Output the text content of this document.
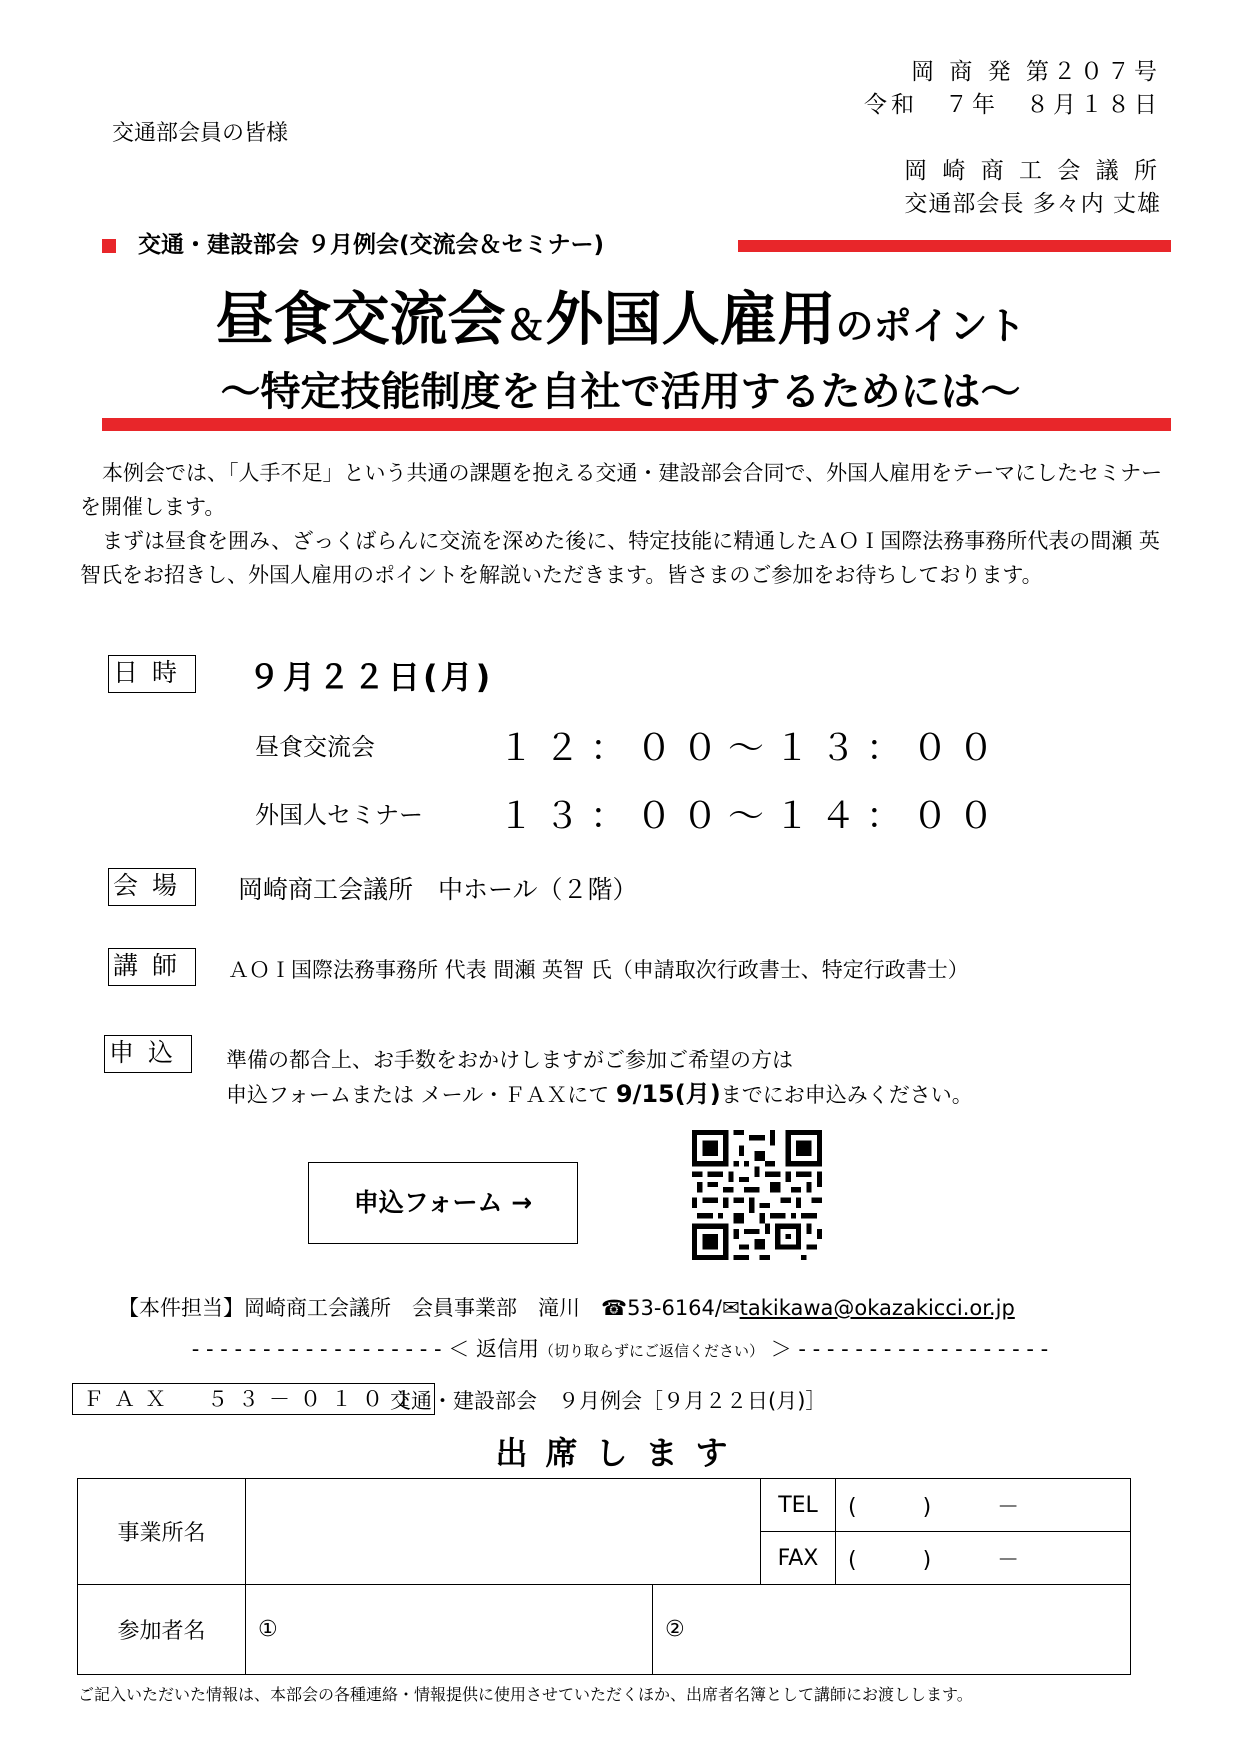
岡 商 発 第２０７号
令和　７年　８月１８日
岡 崎 商 工 会 議 所
交通部会長 多々内 丈雄
交通部会員の皆様
交通・建設部会 ９月例会(交流会＆セミナー)
昼食交流会＆外国人雇用のポイント
～特定技能制度を自社で活用するためには～

本例会では、「人手不足」という共通の課題を抱える交通・建設部会合同で、外国人雇用をテーマにしたセミナーを開催します。

まずは昼食を囲み、ざっくばらんに交流を深めた後に、特定技能に精通したＡＯＩ国際法務事務所代表の間瀬 英智氏をお招きし、外国人雇用のポイントを解説いただきます。皆さまのご参加をお待ちしております。

日時 ９月２２日(月)
昼食交流会	１２：００～１３：００
外国人セミナー １３：００～１４：００
会場 岡崎商工会議所　中ホール（２階）
講師 ＡＯＩ国際法務事務所 代表 間瀬 英智 氏（申請取次行政書士、特定行政書士）
申込 準備の都合上、お手数をおかけしますがご参加ご希望の方は
申込フォームまたは メール・ＦＡＸにて 9/15(月)までにお申込みください。
申込フォーム →
【本件担当】岡崎商工会議所　会員事業部　滝川　☎53-6164/✉takikawa@okazakicci.or.jp
- - - - - - - - - - - - - - - - - - ＜ 返信用（切り取らずにご返信ください） ＞ - - - - - - - - - - - - - - - - - -
ＦＡＸ　５３－０１０１
交通・建設部会　９月例会［９月２２日(月)］
出席します
事業所名			TEL	(　　　)　　　－
			FAX	(　　　)　　　－
参加者名	①	②		
ご記入いただいた情報は、本部会の各種連絡・情報提供に使用させていただくほか、出席者名簿として講師にお渡しします。
